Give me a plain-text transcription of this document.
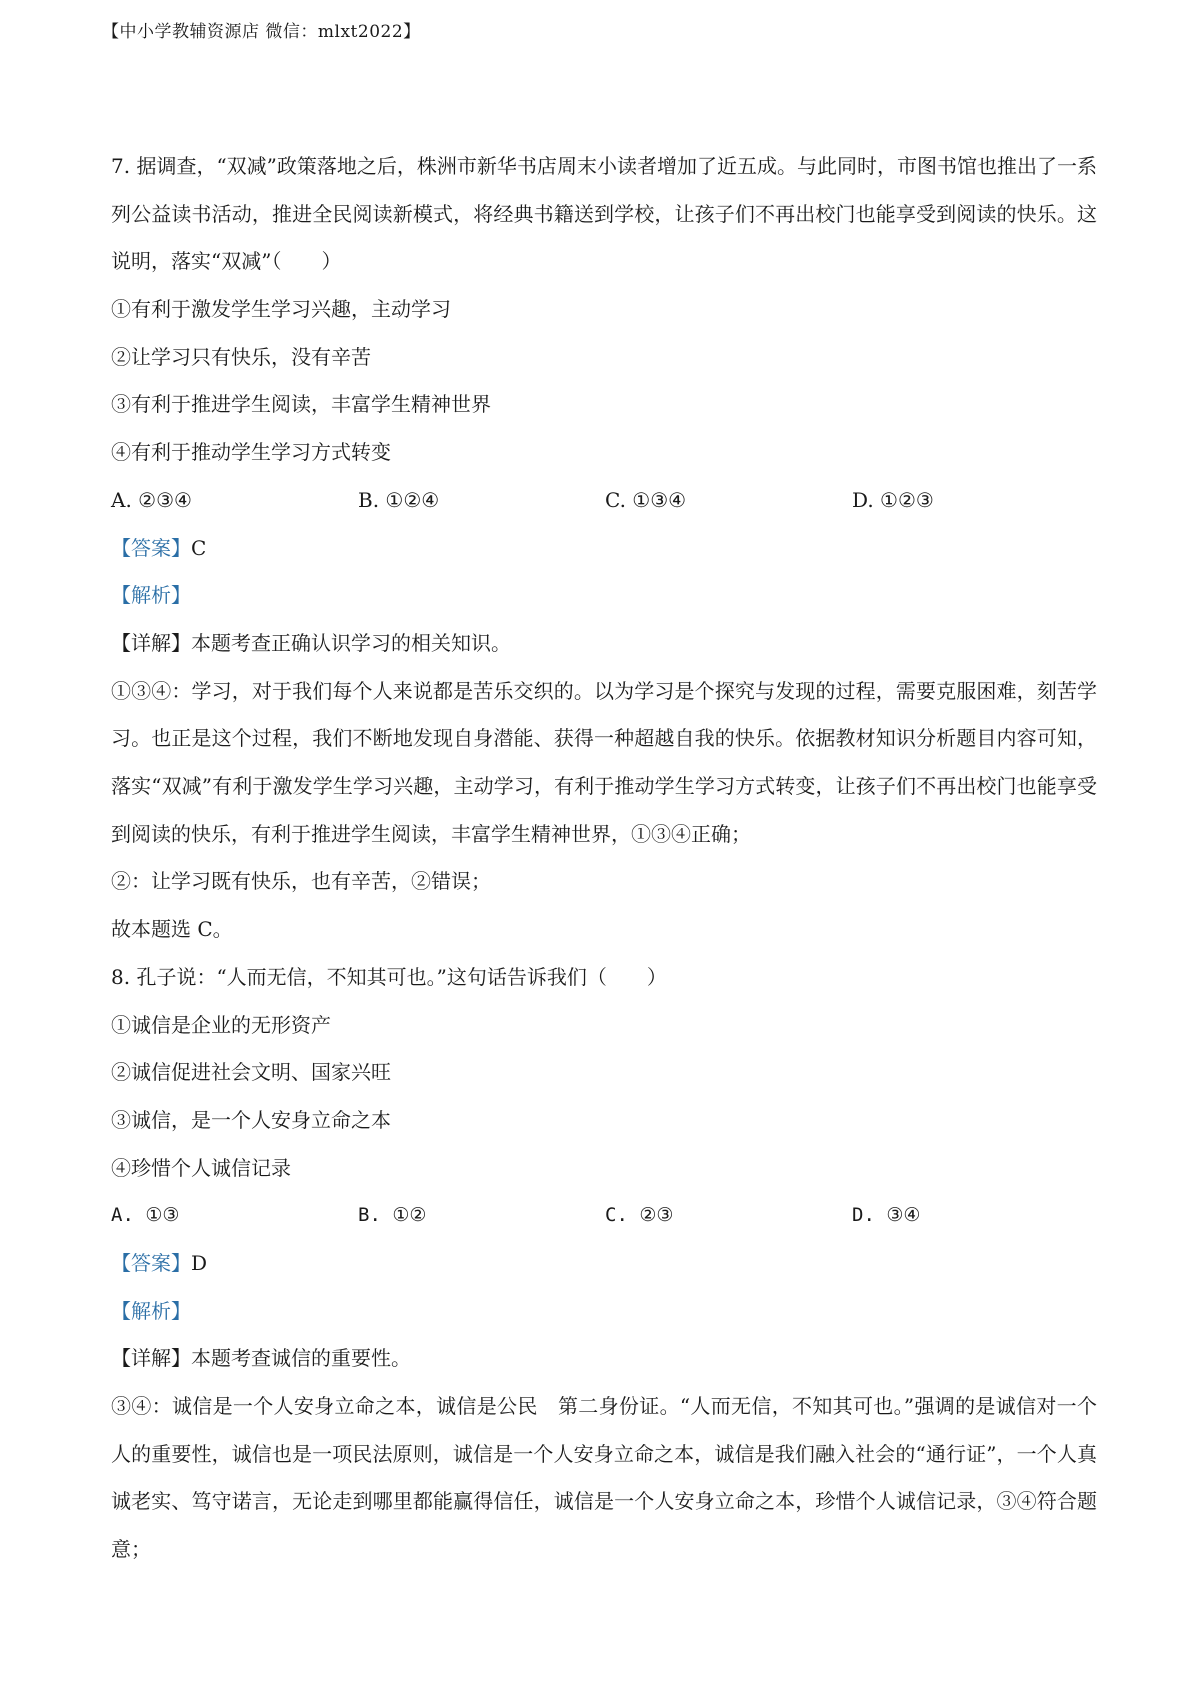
【中小学教辅资源店 微信：mlxt2022】
7. 据调查，“双减”政策落地之后，株洲市新华书店周末小读者增加了近五成。与此同时，市图书馆也推出了一系列公益读书活动，推进全民阅读新模式，将经典书籍送到学校，让孩子们不再出校门也能享受到阅读的快乐。这说明，落实“双减”（　　）
①有利于激发学生学习兴趣，主动学习
②让学习只有快乐，没有辛苦
③有利于推进学生阅读，丰富学生精神世界
④有利于推动学生学习方式转变
A. ②③④	B. ①②④	C. ①③④	D. ①②③
【答案】C
【解析】
【详解】本题考查正确认识学习的相关知识。
①③④：学习，对于我们每个人来说都是苦乐交织的。以为学习是个探究与发现的过程，需要克服困难，刻苦学习。也正是这个过程，我们不断地发现自身潜能、获得一种超越自我的快乐。依据教材知识分析题目内容可知，落实“双减”有利于激发学生学习兴趣，主动学习，有利于推动学生学习方式转变，让孩子们不再出校门也能享受到阅读的快乐，有利于推进学生阅读，丰富学生精神世界，①③④正确；
②：让学习既有快乐，也有辛苦，②错误；
故本题选 C。
8. 孔子说：“人而无信，不知其可也。”这句话告诉我们（　　）
①诚信是企业的无形资产
②诚信促进社会文明、国家兴旺
③诚信，是一个人安身立命之本
④珍惜个人诚信记录
A. ①③	B. ①②	C. ②③	D. ③④
【答案】D
【解析】
【详解】本题考查诚信的重要性。
③④：诚信是一个人安身立命之本，诚信是公民　第二身份证。“人而无信，不知其可也。”强调的是诚信对一个人的重要性，诚信也是一项民法原则，诚信是一个人安身立命之本，诚信是我们融入社会的“通行证”，一个人真诚老实、笃守诺言，无论走到哪里都能赢得信任，诚信是一个人安身立命之本，珍惜个人诚信记录，③④符合题意；
